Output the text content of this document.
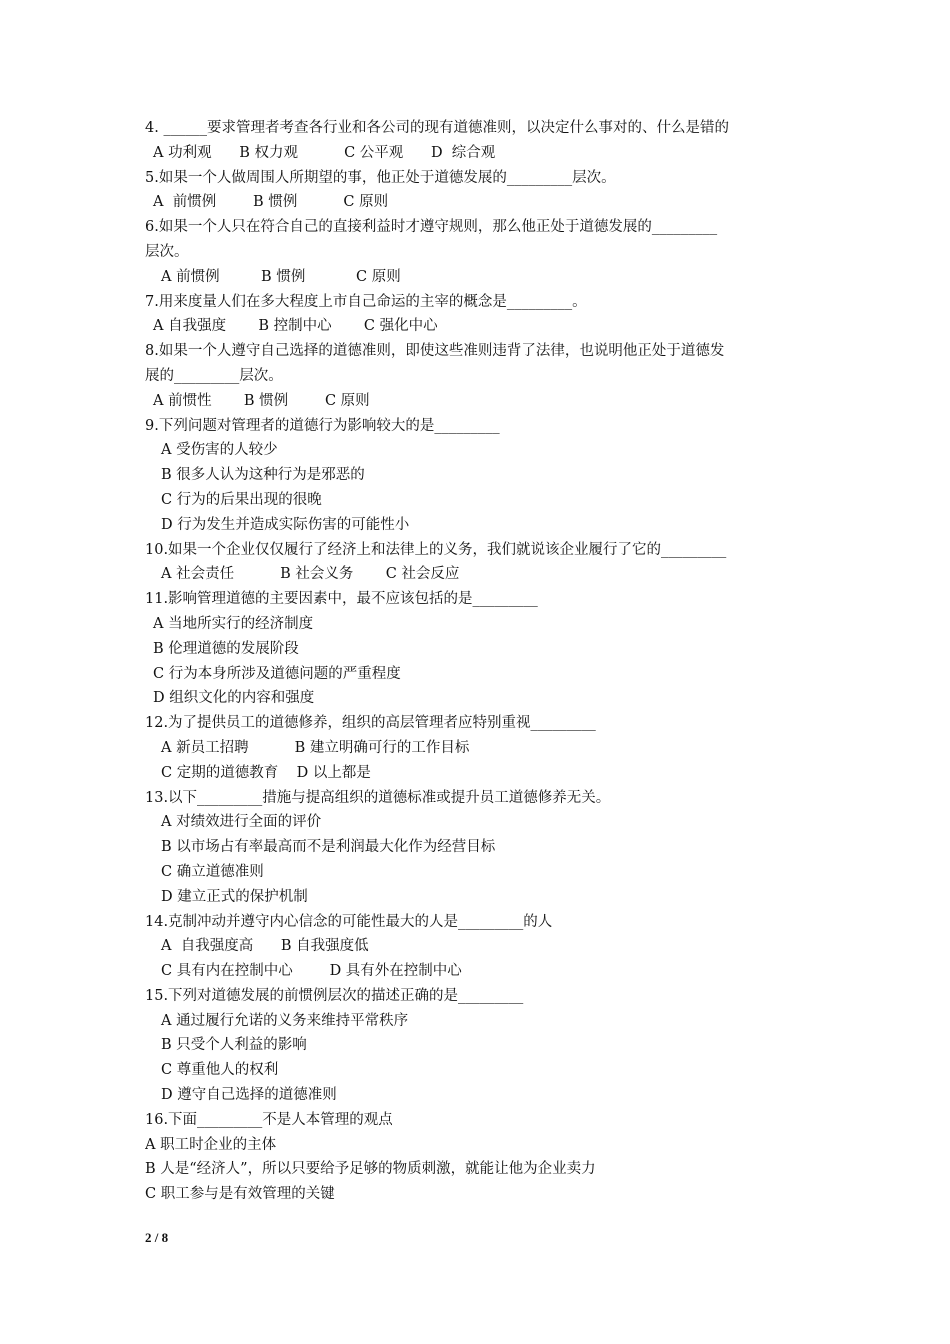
4. ______要求管理者考查各行业和各公司的现有道德准则，以决定什么事对的、什么是错的
A 功利观      B 权力观          C 公平观      D  综合观
5.如果一个人做周围人所期望的事，他正处于道德发展的_________层次。
A  前惯例        B 惯例          C 原则
6.如果一个人只在符合自己的直接利益时才遵守规则，那么他正处于道德发展的_________
层次。
A 前惯例         B 惯例           C 原则
7.用来度量人们在多大程度上市自己命运的主宰的概念是_________。
A 自我强度       B 控制中心       C 强化中心
8.如果一个人遵守自己选择的道德准则，即使这些准则违背了法律，也说明他正处于道德发
展的_________层次。
A 前惯性       B 惯例        C 原则
9.下列问题对管理者的道德行为影响较大的是_________
A 受伤害的人较少
B 很多人认为这种行为是邪恶的
C 行为的后果出现的很晚
D 行为发生并造成实际伤害的可能性小
10.如果一个企业仅仅履行了经济上和法律上的义务，我们就说该企业履行了它的_________
A 社会责任          B 社会义务       C 社会反应
11.影响管理道德的主要因素中，最不应该包括的是_________
A 当地所实行的经济制度
B 伦理道德的发展阶段
C 行为本身所涉及道德问题的严重程度
D 组织文化的内容和强度
12.为了提供员工的道德修养，组织的高层管理者应特别重视_________
A 新员工招聘          B 建立明确可行的工作目标
C 定期的道德教育    D 以上都是
13.以下_________措施与提高组织的道德标准或提升员工道德修养无关。
A 对绩效进行全面的评价
B 以市场占有率最高而不是利润最大化作为经营目标
C 确立道德准则
D 建立正式的保护机制
14.克制冲动并遵守内心信念的可能性最大的人是_________的人
A  自我强度高      B 自我强度低
C 具有内在控制中心        D 具有外在控制中心
15.下列对道德发展的前惯例层次的描述正确的是_________
A 通过履行允诺的义务来维持平常秩序
B 只受个人利益的影响
C 尊重他人的权利
D 遵守自己选择的道德准则
16.下面_________不是人本管理的观点
A 职工时企业的主体
B 人是“经济人”，所以只要给予足够的物质刺激，就能让他为企业卖力
C 职工参与是有效管理的关键
2 / 8
